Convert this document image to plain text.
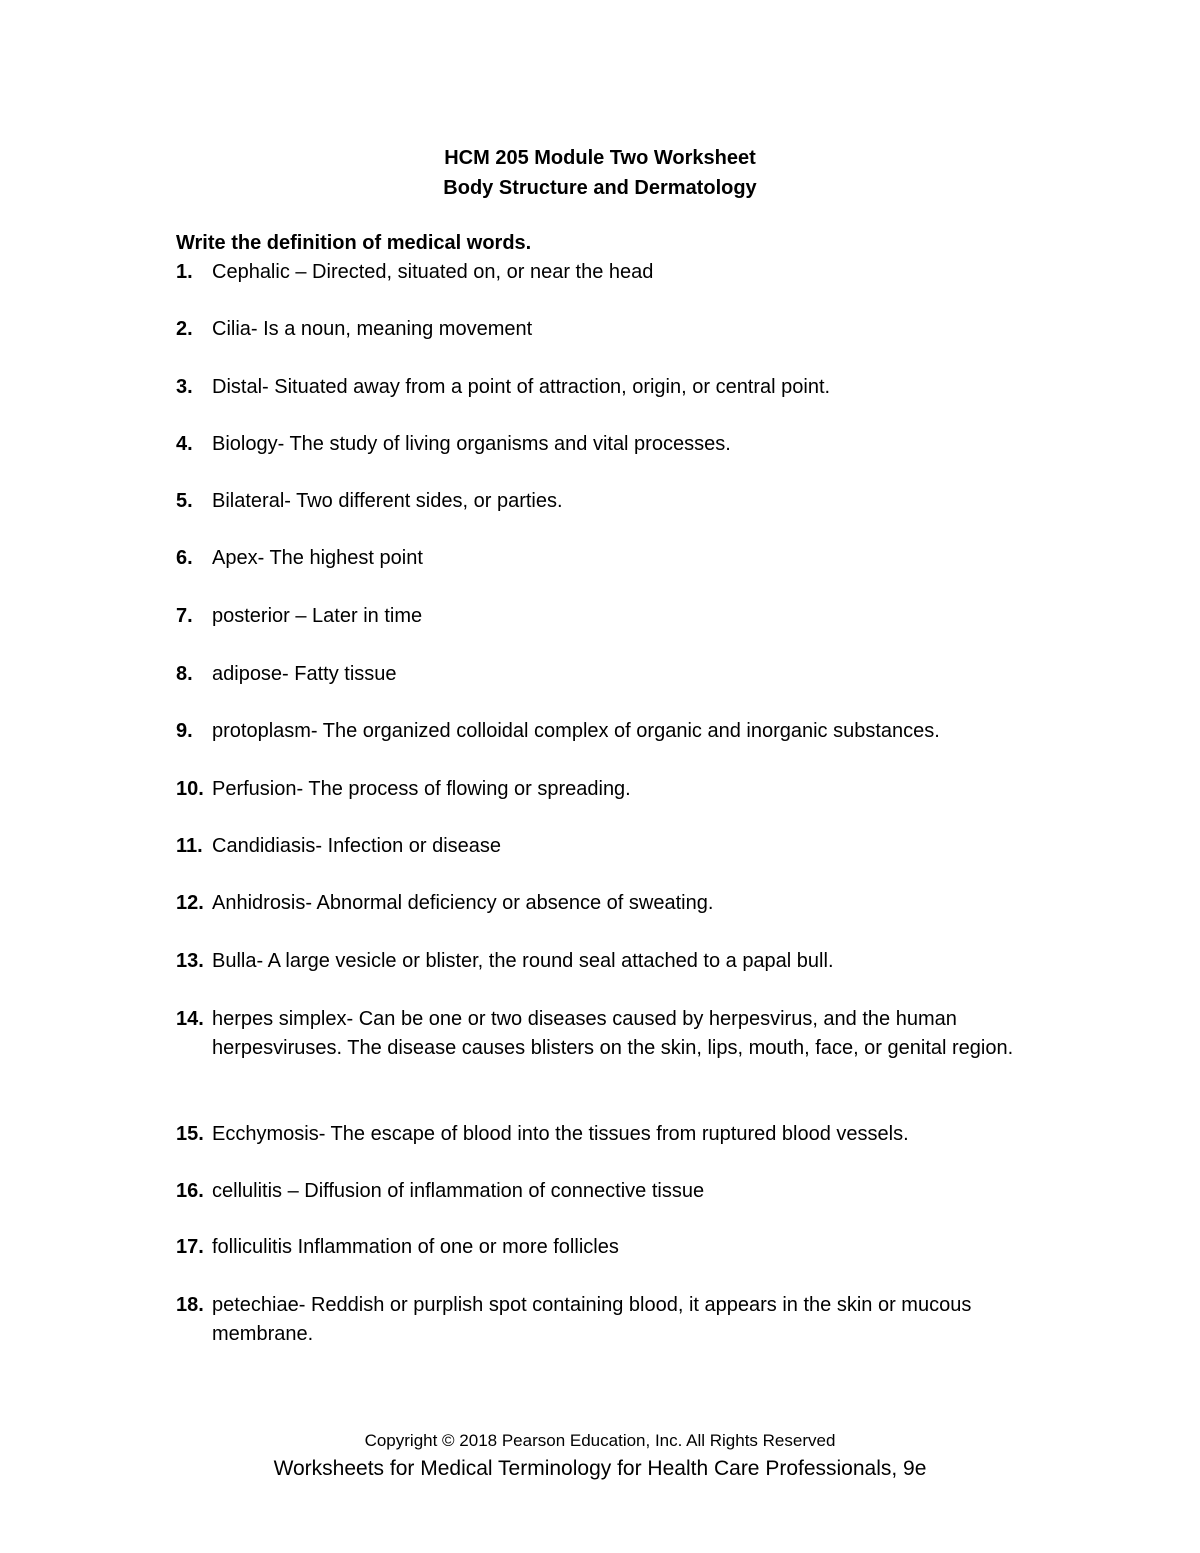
HCM 205 Module Two Worksheet
Body Structure and Dermatology
Write the definition of medical words.
1. Cephalic – Directed, situated on, or near the head
2. Cilia- Is a noun, meaning movement
3. Distal- Situated away from a point of attraction, origin, or central point.
4. Biology- The study of living organisms and vital processes.
5. Bilateral- Two different sides, or parties.
6. Apex- The highest point
7. posterior – Later in time
8. adipose- Fatty tissue
9. protoplasm- The organized colloidal complex of organic and inorganic substances.
10. Perfusion- The process of flowing or spreading.
11. Candidiasis- Infection or disease
12. Anhidrosis- Abnormal deficiency or absence of sweating.
13. Bulla- A large vesicle or blister, the round seal attached to a papal bull.
14. herpes simplex- Can be one or two diseases caused by herpesvirus, and the human herpesviruses. The disease causes blisters on the skin, lips, mouth, face, or genital region.
15. Ecchymosis- The escape of blood into the tissues from ruptured blood vessels.
16. cellulitis – Diffusion of inflammation of connective tissue
17. folliculitis Inflammation of one or more follicles
18. petechiae- Reddish or purplish spot containing blood, it appears in the skin or mucous membrane.
Copyright © 2018 Pearson Education, Inc. All Rights Reserved
Worksheets for Medical Terminology for Health Care Professionals, 9e
